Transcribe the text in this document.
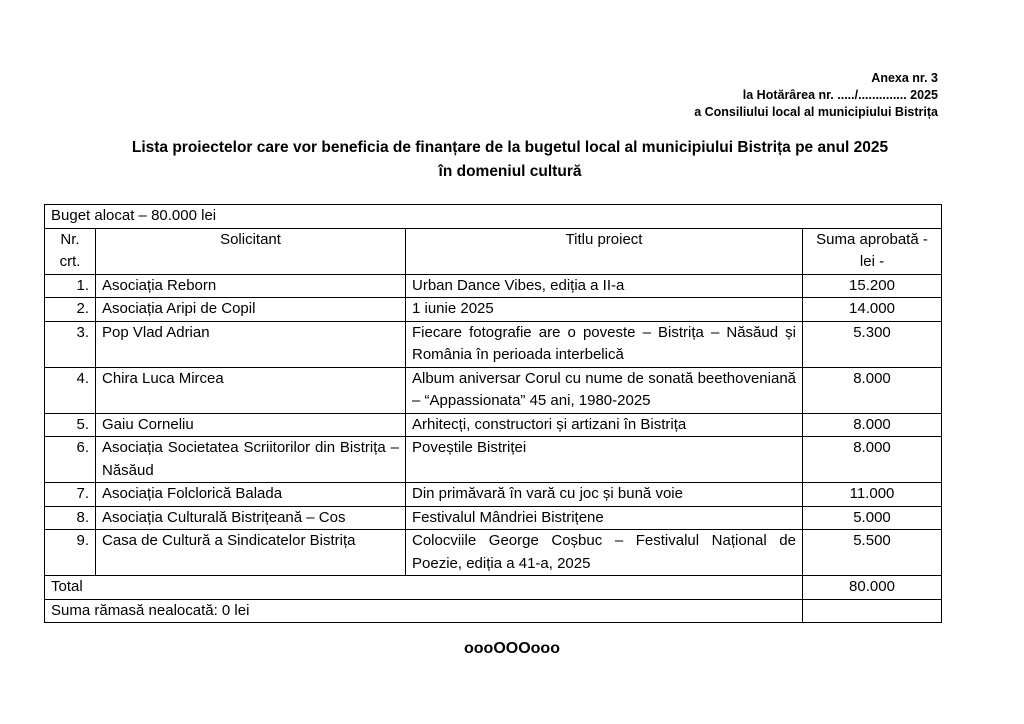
Anexa nr. 3
la Hotărârea nr. ...../.............. 2025
a Consiliului local al municipiului Bistrița
Lista proiectelor care vor beneficia de finanțare de la bugetul local al municipiului Bistrița pe anul 2025
în domeniul cultură
Buget alocat – 80.000 lei			
Nr. crt.	Solicitant	Titlu proiect	Suma aprobată - lei -
1.	Asociația Reborn	Urban Dance Vibes, ediția a II-a	15.200
2.	Asociația Aripi de Copil	1 iunie 2025	14.000
3.	Pop Vlad Adrian	Fiecare fotografie are o poveste – Bistrița – Năsăud și România în perioada interbelică	5.300
4.	Chira Luca Mircea	Album aniversar Corul cu nume de sonată beethoveniană – “Appassionata” 45 ani, 1980-2025	8.000
5.	Gaiu Corneliu	Arhitecți, constructori și artizani în Bistrița	8.000
6.	Asociația Societatea Scriitorilor din Bistrița – Năsăud	Poveștile Bistriței	8.000
7.	Asociația Folclorică Balada	Din primăvară în vară cu joc și bună voie	11.000
8.	Asociația Culturală Bistrițeană – Cos	Festivalul Mândriei Bistrițene	5.000
9.	Casa de Cultură a Sindicatelor Bistrița	Colocviile George Coșbuc – Festivalul Național de Poezie, ediția a 41-a, 2025	5.500
Total			80.000
Suma rămasă nealocată: 0 lei			
oooOOOooo
